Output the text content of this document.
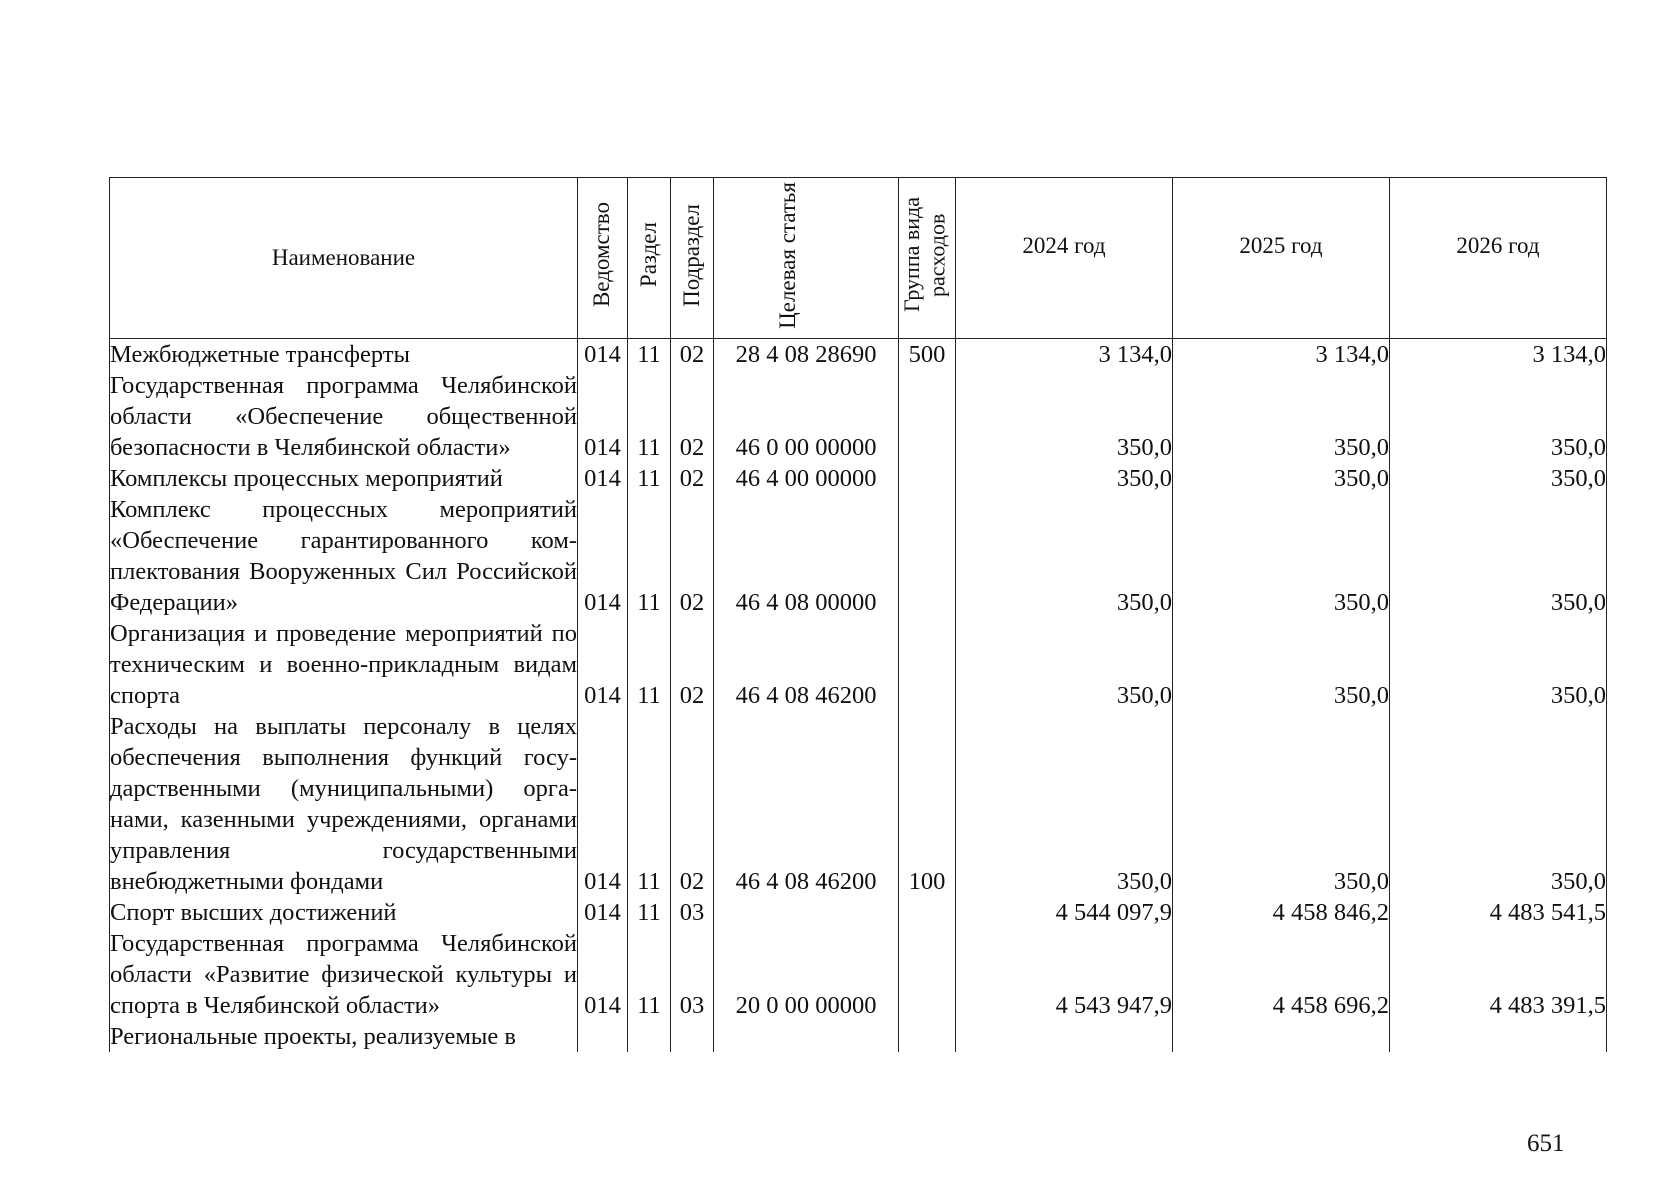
Наименование	Ведомство	Раздел	Подраздел	Целевая статья	Группа вида расходов	2024 год	2025 год	2026 год
Межбюджетные трансферты	014	11	02	28 4 08 28690	500	3 134,0	3 134,0	3 134,0
Государственная программа Челябинской области «Обеспечение общественной безопасности в Челябинской области»	014	11	02	46 0 00 00000		350,0	350,0	350,0
Комплексы процессных мероприятий	014	11	02	46 4 00 00000		350,0	350,0	350,0
Комплекс процессных мероприятий «Обеспечение гарантированного комплектования Вооруженных Сил Российской Федерации»	014	11	02	46 4 08 00000		350,0	350,0	350,0
Организация и проведение мероприятий по техническим и военно-прикладным видам спорта	014	11	02	46 4 08 46200		350,0	350,0	350,0
Расходы на выплаты персоналу в целях обеспечения выполнения функций государственными (муниципальными) органами, казенными учреждениями, органами управления государственными внебюджетными фондами	014	11	02	46 4 08 46200	100	350,0	350,0	350,0
Спорт высших достижений	014	11	03			4 544 097,9	4 458 846,2	4 483 541,5
Государственная программа Челябинской области «Развитие физической культуры и спорта в Челябинской области»	014	11	03	20 0 00 00000		4 543 947,9	4 458 696,2	4 483 391,5
Региональные проекты, реализуемые в								
651
